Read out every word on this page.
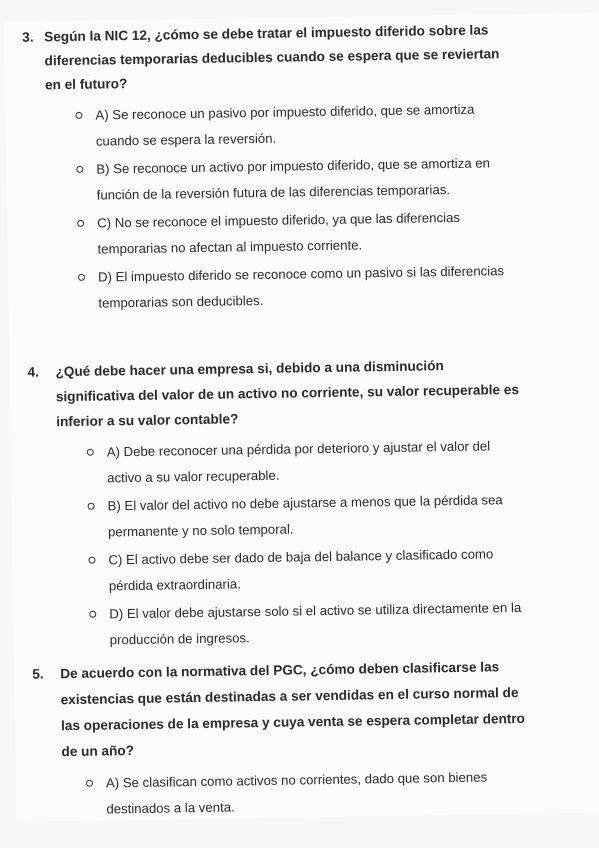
3. Según la NIC 12, ¿cómo se debe tratar el impuesto diferido sobre las

diferencias temporarias deducibles cuando se espera que se reviertan

en el futuro?

A) Se reconoce un pasivo por impuesto diferido, que se amortiza
cuando se espera la reversión.
B) Se reconoce un activo por impuesto diferido, que se amortiza en
función de la reversión futura de las diferencias temporarias.
C) No se reconoce el impuesto diferido, ya que las diferencias
temporarias no afectan al impuesto corriente.
D) El impuesto diferido se reconoce como un pasivo si las diferencias
temporarias son deducibles.

4. ¿Qué debe hacer una empresa si, debido a una disminución

significativa del valor de un activo no corriente, su valor recuperable es

inferior a su valor contable?

A) Debe reconocer una pérdida por deterioro y ajustar el valor del
activo a su valor recuperable.
B) El valor del activo no debe ajustarse a menos que la pérdida sea
permanente y no solo temporal.
C) El activo debe ser dado de baja del balance y clasificado como
pérdida extraordinaria.
D) El valor debe ajustarse solo si el activo se utiliza directamente en la
producción de ingresos.

5. De acuerdo con la normativa del PGC, ¿cómo deben clasificarse las

existencias que están destinadas a ser vendidas en el curso normal de

las operaciones de la empresa y cuya venta se espera completar dentro

de un año?

A) Se clasifican como activos no corrientes, dado que son bienes
destinados a la venta.
